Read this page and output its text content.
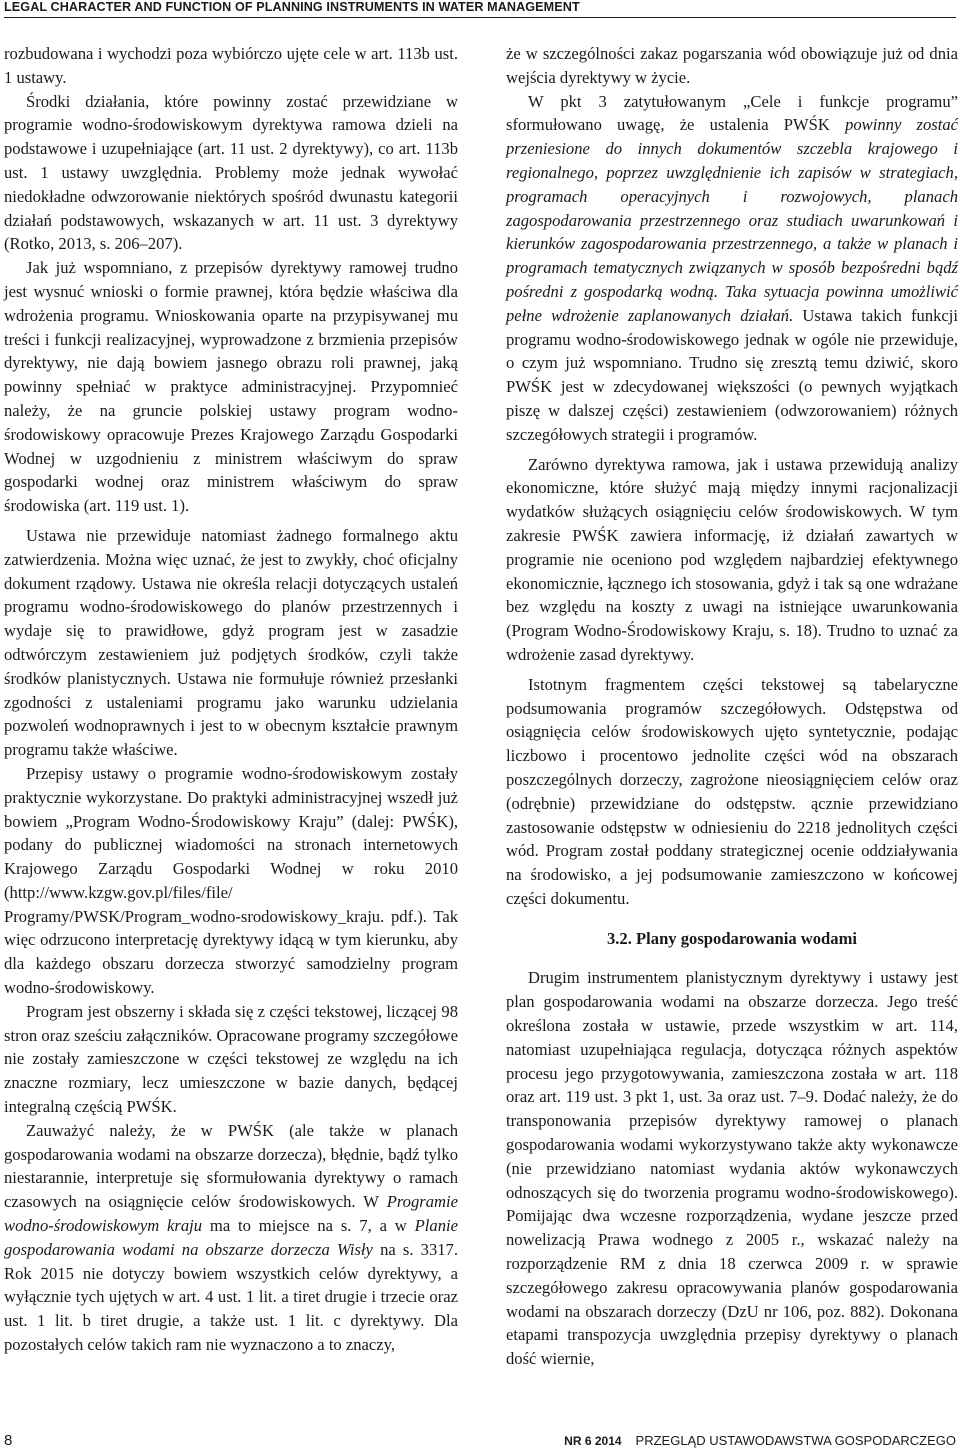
LEGAL CHARACTER AND FUNCTION OF PLANNING INSTRUMENTS IN WATER MANAGEMENT

rozbudowana i wychodzi poza wybiórczo ujęte cele w art. 113b ust. 1 ustawy.

Środki działania, które powinny zostać przewidziane w programie wodno-środowiskowym dyrektywa ramowa dzieli na podstawowe i uzupełniające (art. 11 ust. 2 dyrektywy), co art. 113b ust. 1 ustawy uwzględnia. Problemy może jednak wywołać niedokładne odwzorowanie niektórych spośród dwunastu kategorii działań podstawowych, wskazanych w art. 11 ust. 3 dyrektywy (Rotko, 2013, s. 206–207).

Jak już wspomniano, z przepisów dyrektywy ramowej trudno jest wysnuć wnioski o formie prawnej, która będzie właściwa dla wdrożenia programu. Wnioskowania oparte na przypisywanej mu treści i funkcji realizacyjnej, wyprowadzone z brzmienia przepisów dyrektywy, nie dają bowiem jasnego obrazu roli prawnej, jaką powinny spełniać w praktyce administracyjnej. Przypomnieć należy, że na gruncie polskiej ustawy program wodno-środowiskowy opracowuje Prezes Krajowego Zarządu Gospodarki Wodnej w uzgodnieniu z ministrem właściwym do spraw gospodarki wodnej oraz ministrem właściwym do spraw środowiska (art. 119 ust. 1).

Ustawa nie przewiduje natomiast żadnego formalnego aktu zatwierdzenia. Można więc uznać, że jest to zwykły, choć oficjalny dokument rządowy. Ustawa nie określa relacji dotyczących ustaleń programu wodno-środowiskowego do planów przestrzennych i wydaje się to prawidłowe, gdyż program jest w zasadzie odtwórczym zestawieniem już podjętych środków, czyli także środków planistycznych. Ustawa nie formułuje również przesłanki zgodności z ustaleniami programu jako warunku udzielania pozwoleń wodnoprawnych i jest to w obecnym kształcie prawnym programu także właściwe.

Przepisy ustawy o programie wodno-środowiskowym zostały praktycznie wykorzystane. Do praktyki administracyjnej wszedł już bowiem „Program Wodno-Środowiskowy Kraju” (dalej: PWŚK), podany do publicznej wiadomości na stronach internetowych Krajowego Zarządu Gospodarki Wodnej w roku 2010 (http://www.kzgw.gov.pl/files/file/ Programy/PWSK/Program_wodno-srodowiskowy_kraju. pdf.). Tak więc odrzucono interpretację dyrektywy idącą w tym kierunku, aby dla każdego obszaru dorzecza stworzyć samodzielny program wodno-środowiskowy.

Program jest obszerny i składa się z części tekstowej, liczącej 98 stron oraz sześciu załączników. Opracowane programy szczegółowe nie zostały zamieszczone w części tekstowej ze względu na ich znaczne rozmiary, lecz umieszczone w bazie danych, będącej integralną częścią PWŚK.

Zauważyć należy, że w PWŚK (ale także w planach gospodarowania wodami na obszarze dorzecza), błędnie, bądź tylko niestarannie, interpretuje się sformułowania dyrektywy o ramach czasowych na osiągnięcie celów środowiskowych. W Programie wodno-środowiskowym kraju ma to miejsce na s. 7, a w Planie gospodarowania wodami na obszarze dorzecza Wisły na s. 3317. Rok 2015 nie dotyczy bowiem wszystkich celów dyrektywy, a wyłącznie tych ujętych w art. 4 ust. 1 lit. a tiret drugie i trzecie oraz ust. 1 lit. b tiret drugie, a także ust. 1 lit. c dyrektywy. Dla pozostałych celów takich ram nie wyznaczono a to znaczy,

że w szczególności zakaz pogarszania wód obowiązuje już od dnia wejścia dyrektywy w życie.

W pkt 3 zatytułowanym „Cele i funkcje programu” sformułowano uwagę, że ustalenia PWŚK powinny zostać przeniesione do innych dokumentów szczebla krajowego i regionalnego, poprzez uwzględnienie ich zapisów w strategiach, programach operacyjnych i rozwojowych, planach zagospodarowania przestrzennego oraz studiach uwarunkowań i kierunków zagospodarowania przestrzennego, a także w planach i programach tematycznych związanych w sposób bezpośredni bądź pośredni z gospodarką wodną. Taka sytuacja powinna umożliwić pełne wdrożenie zaplanowanych działań. Ustawa takich funkcji programu wodno-środowiskowego jednak w ogóle nie przewiduje, o czym już wspomniano. Trudno się zresztą temu dziwić, skoro PWŚK jest w zdecydowanej większości (o pewnych wyjątkach piszę w dalszej części) zestawieniem (odwzorowaniem) różnych szczegółowych strategii i programów.

Zarówno dyrektywa ramowa, jak i ustawa przewidują analizy ekonomiczne, które służyć mają między innymi racjonalizacji wydatków służących osiągnięciu celów środowiskowych. W tym zakresie PWŚK zawiera informację, iż działań zawartych w programie nie oceniono pod względem najbardziej efektywnego ekonomicznie, łącznego ich stosowania, gdyż i tak są one wdrażane bez względu na koszty z uwagi na istniejące uwarunkowania (Program Wodno-Środowiskowy Kraju, s. 18). Trudno to uznać za wdrożenie zasad dyrektywy.

Istotnym fragmentem części tekstowej są tabelaryczne podsumowania programów szczegółowych. Odstępstwa od osiągnięcia celów środowiskowych ujęto syntetycznie, podając liczbowo i procentowo jednolite części wód na obszarach poszczególnych dorzeczy, zagrożone nieosiągnięciem celów oraz (odrębnie) przewidziane do odstępstw. ącznie przewidziano zastosowanie odstępstw w odniesieniu do 2218 jednolitych części wód. Program został poddany strategicznej ocenie oddziaływania na środowisko, a jej podsumowanie zamieszczono w końcowej części dokumentu.

3.2. Plany gospodarowania wodami

Drugim instrumentem planistycznym dyrektywy i ustawy jest plan gospodarowania wodami na obszarze dorzecza. Jego treść określona została w ustawie, przede wszystkim w art. 114, natomiast uzupełniająca regulacja, dotycząca różnych aspektów procesu jego przygotowywania, zamieszczona została w art. 118 oraz art. 119 ust. 3 pkt 1, ust. 3a oraz ust. 7–9. Dodać należy, że do transponowania przepisów dyrektywy ramowej o planach gospodarowania wodami wykorzystywano także akty wykonawcze (nie przewidziano natomiast wydania aktów wykonawczych odnoszących się do tworzenia programu wodno-środowiskowego). Pomijając dwa wczesne rozporządzenia, wydane jeszcze przed nowelizacją Prawa wodnego z 2005 r., wskazać należy na rozporządzenie RM z dnia 18 czerwca 2009 r. w sprawie szczegółowego zakresu opracowywania planów gospodarowania wodami na obszarach dorzeczy (DzU nr 106, poz. 882). Dokonana etapami transpozycja uwzględnia przepisy dyrektywy o planach dość wiernie,

8	NR 6 2014 PRZEGLĄD USTAWODAWSTWA GOSPODARCZEGO
